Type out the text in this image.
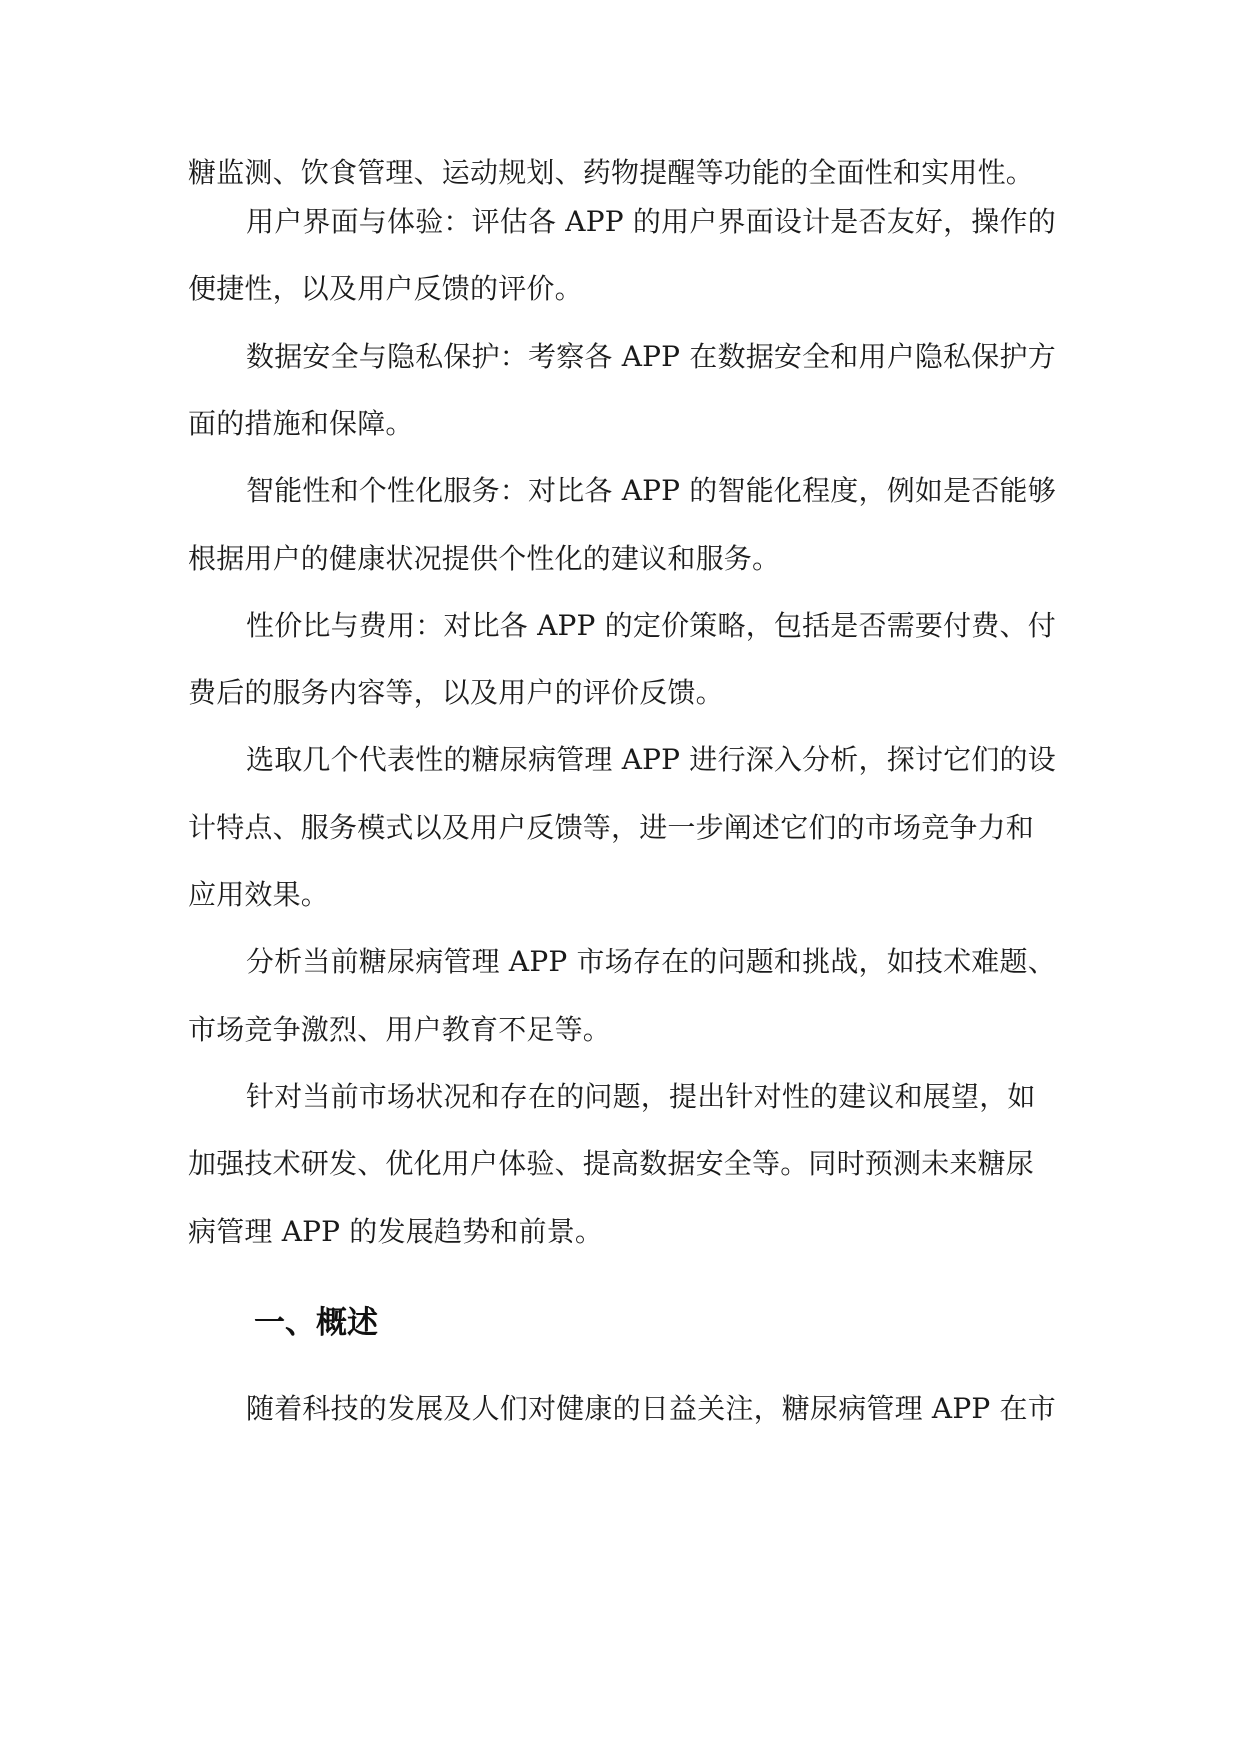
糖监测、饮食管理、运动规划、药物提醒等功能的全面性和实用性。
用户界面与体验：评估各 APP 的用户界面设计是否友好，操作的
便捷性，以及用户反馈的评价。
数据安全与隐私保护：考察各 APP 在数据安全和用户隐私保护方
面的措施和保障。
智能性和个性化服务：对比各 APP 的智能化程度，例如是否能够
根据用户的健康状况提供个性化的建议和服务。
性价比与费用：对比各 APP 的定价策略，包括是否需要付费、付
费后的服务内容等，以及用户的评价反馈。
选取几个代表性的糖尿病管理 APP 进行深入分析，探讨它们的设
计特点、服务模式以及用户反馈等，进一步阐述它们的市场竞争力和
应用效果。
分析当前糖尿病管理 APP 市场存在的问题和挑战，如技术难题、
市场竞争激烈、用户教育不足等。
针对当前市场状况和存在的问题，提出针对性的建议和展望，如
加强技术研发、优化用户体验、提高数据安全等。同时预测未来糖尿
病管理 APP 的发展趋势和前景。
一、概述
随着科技的发展及人们对健康的日益关注，糖尿病管理 APP 在市
